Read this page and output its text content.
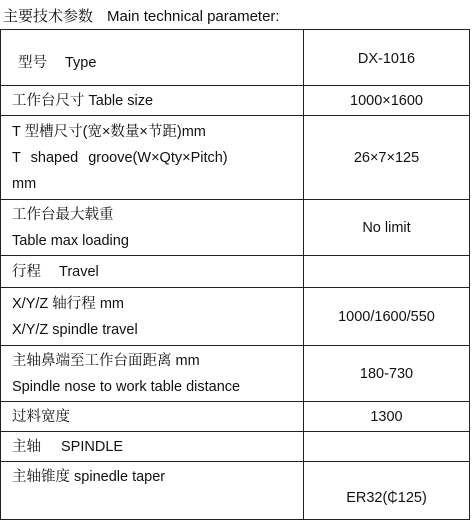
主要技术参数 Main technical parameter:
型号 Type	DX-1016
工作台尺寸 Table size	1000×1600

T 型槽尺寸(宽×数量×节距)mm
T shaped groove(W×Qty×Pitch)
mm	26×7×125

工作台最大载重
Table max loading	No limit
行程 Travel	

X/Y/Z 轴行程 mm
X/Y/Z spindle travel	1000/1600/550

主轴鼻端至工作台面距离 mm
Spindle nose to work table distance	180-730
过料宽度	1300
主轴 SPINDLE	
主轴锥度 spinedle taper	ER32(₵125)
